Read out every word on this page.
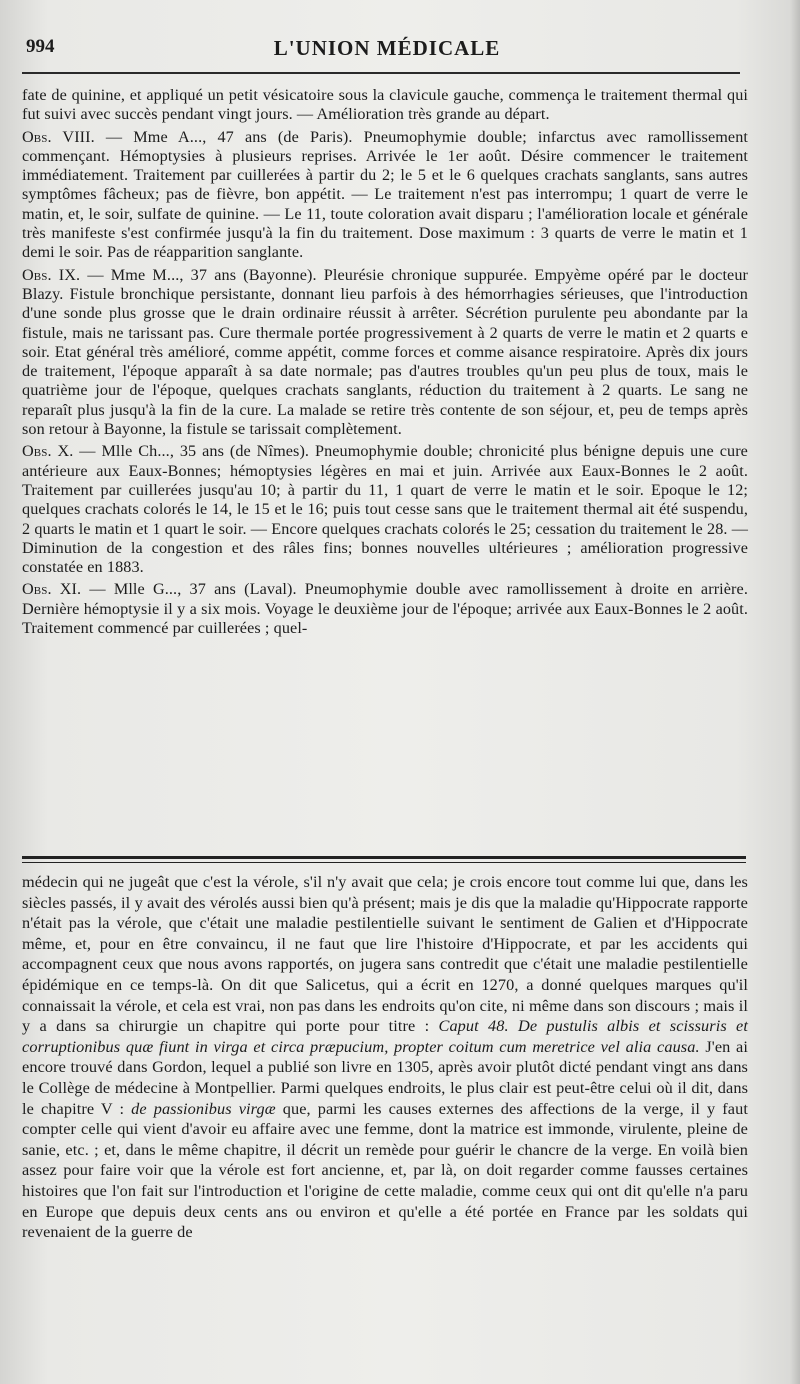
994	L'UNION MÉDICALE

fate de quinine, et appliqué un petit vésicatoire sous la clavicule gauche, commença le traitement thermal qui fut suivi avec succès pendant vingt jours. — Amélioration très grande au départ.

Obs. VIII. — Mme A..., 47 ans (de Paris). Pneumophymie double; infarctus avec ramollissement commençant. Hémoptysies à plusieurs reprises. Arrivée le 1er août. Désire commencer le traitement immédiatement. Traitement par cuillerées à partir du 2; le 5 et le 6 quelques crachats sanglants, sans autres symptômes fâcheux; pas de fièvre, bon appétit. — Le traitement n'est pas interrompu; 1 quart de verre le matin, et, le soir, sulfate de quinine. — Le 11, toute coloration avait disparu ; l'amélioration locale et générale très manifeste s'est confirmée jusqu'à la fin du traitement. Dose maximum : 3 quarts de verre le matin et 1 demi le soir. Pas de réapparition sanglante.

Obs. IX. — Mme M..., 37 ans (Bayonne). Pleurésie chronique suppurée. Empyème opéré par le docteur Blazy. Fistule bronchique persistante, donnant lieu parfois à des hémorrhagies sérieuses, que l'introduction d'une sonde plus grosse que le drain ordinaire réussit à arrêter. Sécrétion purulente peu abondante par la fistule, mais ne tarissant pas. Cure thermale portée progressivement à 2 quarts de verre le matin et 2 quarts e soir. Etat général très amélioré, comme appétit, comme forces et comme aisance respiratoire. Après dix jours de traitement, l'époque apparaît à sa date normale; pas d'autres troubles qu'un peu plus de toux, mais le quatrième jour de l'époque, quelques crachats sanglants, réduction du traitement à 2 quarts. Le sang ne reparaît plus jusqu'à la fin de la cure. La malade se retire très contente de son séjour, et, peu de temps après son retour à Bayonne, la fistule se tarissait complètement.

Obs. X. — Mlle Ch..., 35 ans (de Nîmes). Pneumophymie double; chronicité plus bénigne depuis une cure antérieure aux Eaux-Bonnes; hémoptysies légères en mai et juin. Arrivée aux Eaux-Bonnes le 2 août. Traitement par cuillerées jusqu'au 10; à partir du 11, 1 quart de verre le matin et le soir. Epoque le 12; quelques crachats colorés le 14, le 15 et le 16; puis tout cesse sans que le traitement thermal ait été suspendu, 2 quarts le matin et 1 quart le soir. — Encore quelques crachats colorés le 25; cessation du traitement le 28. — Diminution de la congestion et des râles fins; bonnes nouvelles ultérieures ; amélioration progressive constatée en 1883.

Obs. XI. — Mlle G..., 37 ans (Laval). Pneumophymie double avec ramollissement à droite en arrière. Dernière hémoptysie il y a six mois. Voyage le deuxième jour de l'époque; arrivée aux Eaux-Bonnes le 2 août. Traitement commencé par cuillerées ; quel-

médecin qui ne jugeât que c'est la vérole, s'il n'y avait que cela; je crois encore tout comme lui que, dans les siècles passés, il y avait des vérolés aussi bien qu'à présent; mais je dis que la maladie qu'Hippocrate rapporte n'était pas la vérole, que c'était une maladie pestilentielle suivant le sentiment de Galien et d'Hippocrate même, et, pour en être convaincu, il ne faut que lire l'histoire d'Hippocrate, et par les accidents qui accompagnent ceux que nous avons rapportés, on jugera sans contredit que c'était une maladie pestilentielle épidémique en ce temps-là. On dit que Salicetus, qui a écrit en 1270, a donné quelques marques qu'il connaissait la vérole, et cela est vrai, non pas dans les endroits qu'on cite, ni même dans son discours ; mais il y a dans sa chirurgie un chapitre qui porte pour titre : Caput 48. De pustulis albis et scissuris et corruptionibus quæ fiunt in virga et circa præpucium, propter coitum cum meretrice vel alia causa. J'en ai encore trouvé dans Gordon, lequel a publié son livre en 1305, après avoir plutôt dicté pendant vingt ans dans le Collège de médecine à Montpellier. Parmi quelques endroits, le plus clair est peut-être celui où il dit, dans le chapitre V : de passionibus virgæ que, parmi les causes externes des affections de la verge, il y faut compter celle qui vient d'avoir eu affaire avec une femme, dont la matrice est immonde, virulente, pleine de sanie, etc. ; et, dans le même chapitre, il décrit un remède pour guérir le chancre de la verge. En voilà bien assez pour faire voir que la vérole est fort ancienne, et, par là, on doit regarder comme fausses certaines histoires que l'on fait sur l'introduction et l'origine de cette maladie, comme ceux qui ont dit qu'elle n'a paru en Europe que depuis deux cents ans ou environ et qu'elle a été portée en France par les soldats qui revenaient de la guerre de
